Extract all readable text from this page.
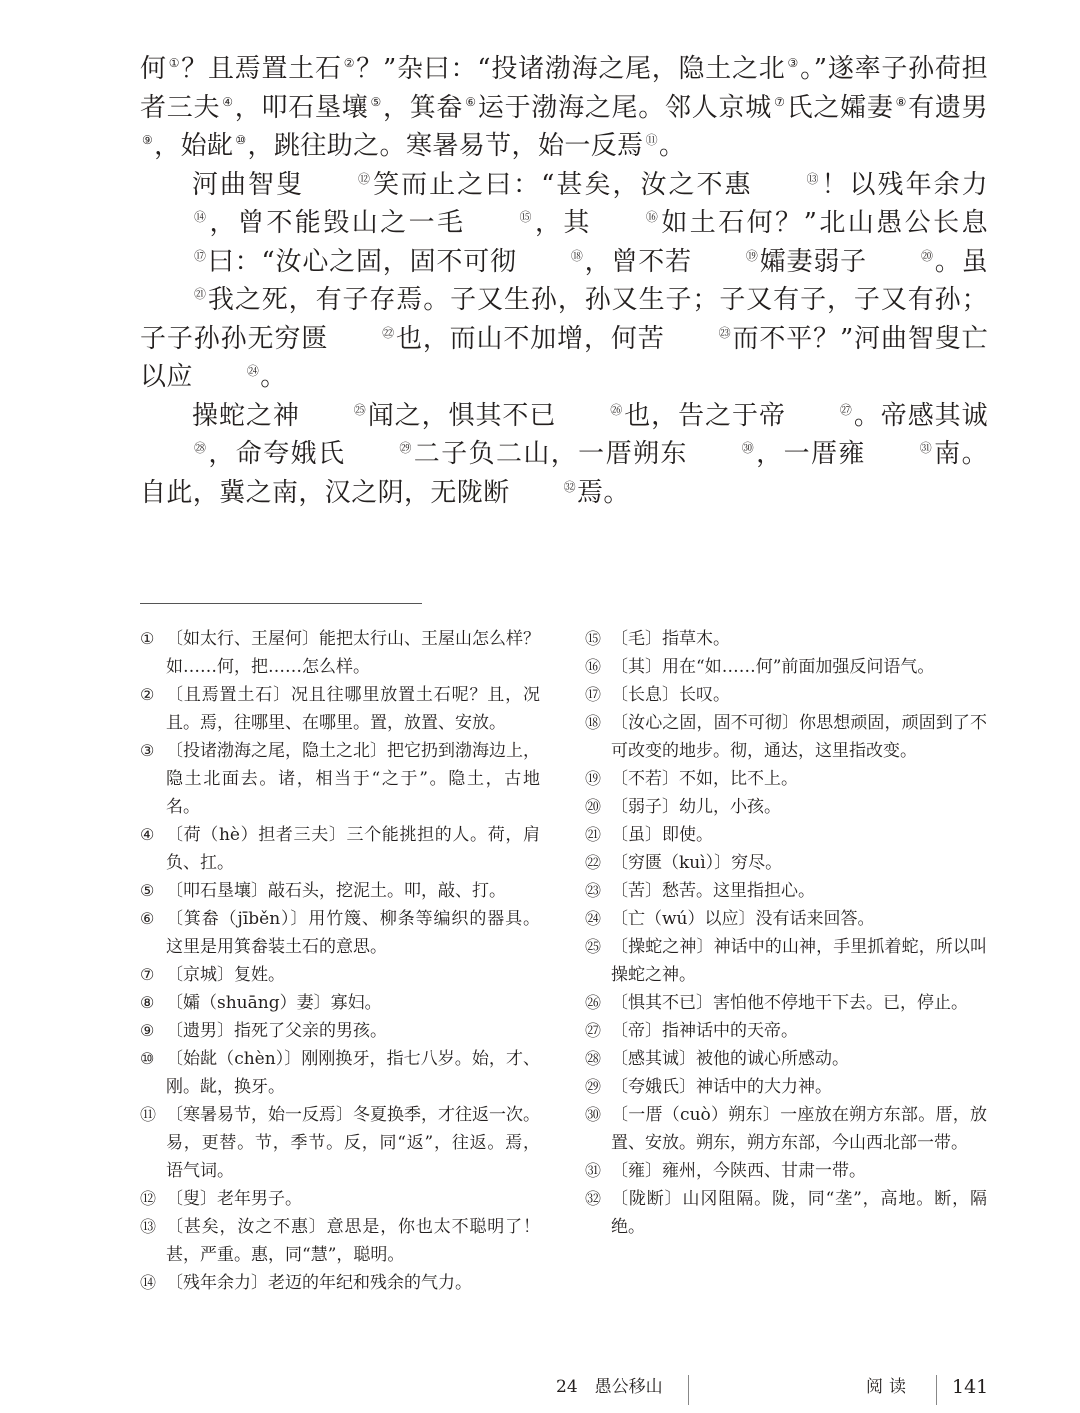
何 ①？且焉置土石 ②？”杂曰：“投诸渤海之尾，隐土之北 ③。”遂率子孙荷担者三夫 ④，叩石垦壤 ⑤，箕畚 ⑥运于渤海之尾。邻人京城 ⑦氏之孀妻 ⑧有遗男⑨，始龀 ⑩，跳往助之。寒暑易节，始一反焉 ⑪。

河曲智叟	⑫笑而止之曰：“甚矣，汝之不惠	⑬！以残年余力⑭，曾不能毁山之一毛	⑮，其	⑯如土石何？”北山愚公长息⑰曰：“汝心之固，固不可彻	⑱，曾不若	⑲孀妻弱子	⑳。虽㉑我之死，有子存焉。子又生孙，孙又生子；子又有子，子又有孙；子子孙孙无穷匮	㉒也，而山不加增，何苦	㉓而不平？”河曲智叟亡以应	㉔。

操蛇之神	㉕闻之，惧其不已	㉖也，告之于帝	㉗。帝感其诚㉘，命夸娥氏	㉙二子负二山，一厝朔东	㉚，一厝雍	㉛南。自此，冀之南，汉之阴，无陇断	㉜焉。

① 〔如太行、王屋何〕能把太行山、王屋山怎么样？如……何，把……怎么样。
② 〔且焉置土石〕况且往哪里放置土石呢？且，况且。焉，往哪里、在哪里。置，放置、安放。
③ 〔投诸渤海之尾，隐土之北〕把它扔到渤海边上，隐土北面去。诸，相当于“之于”。隐土，古地名。
④ 〔荷（hè）担者三夫〕三个能挑担的人。荷，肩负、扛。
⑤ 〔叩石垦壤〕敲石头，挖泥土。叩，敲、打。
⑥ 〔箕畚（jīběn）〕用竹篾、柳条等编织的器具。这里是用箕畚装土石的意思。
⑦ 〔京城〕复姓。
⑧ 〔孀（shuāng）妻〕寡妇。
⑨ 〔遗男〕指死了父亲的男孩。
⑩ 〔始龀（chèn）〕刚刚换牙，指七八岁。始，才、刚。龀，换牙。
⑪ 〔寒暑易节，始一反焉〕冬夏换季，才往返一次。易，更替。节，季节。反，同“返”，往返。焉，语气词。
⑫ 〔叟〕老年男子。
⑬ 〔甚矣，汝之不惠〕意思是，你也太不聪明了！甚，严重。惠，同“慧”，聪明。
⑭ 〔残年余力〕老迈的年纪和残余的气力。
⑮ 〔毛〕指草木。
⑯ 〔其〕用在“如……何”前面加强反问语气。
⑰ 〔长息〕长叹。
⑱ 〔汝心之固，固不可彻〕你思想顽固，顽固到了不可改变的地步。彻，通达，这里指改变。
⑲ 〔不若〕不如，比不上。
⑳ 〔弱子〕幼儿，小孩。
㉑ 〔虽〕即使。
㉒ 〔穷匮（kuì）〕穷尽。
㉓ 〔苦〕愁苦。这里指担心。
㉔ 〔亡（wú）以应〕没有话来回答。
㉕ 〔操蛇之神〕神话中的山神，手里抓着蛇，所以叫操蛇之神。
㉖ 〔惧其不已〕害怕他不停地干下去。已，停止。
㉗ 〔帝〕指神话中的天帝。
㉘ 〔感其诚〕被他的诚心所感动。
㉙ 〔夸娥氏〕神话中的大力神。
㉚ 〔一厝（cuò）朔东〕一座放在朔方东部。厝，放置、安放。朔东，朔方东部，今山西北部一带。
㉛ 〔雍〕雍州，今陕西、甘肃一带。
㉜ 〔陇断〕山冈阻隔。陇，同“垄”，高地。断，隔绝。
24　愚公移山	阅读	141
